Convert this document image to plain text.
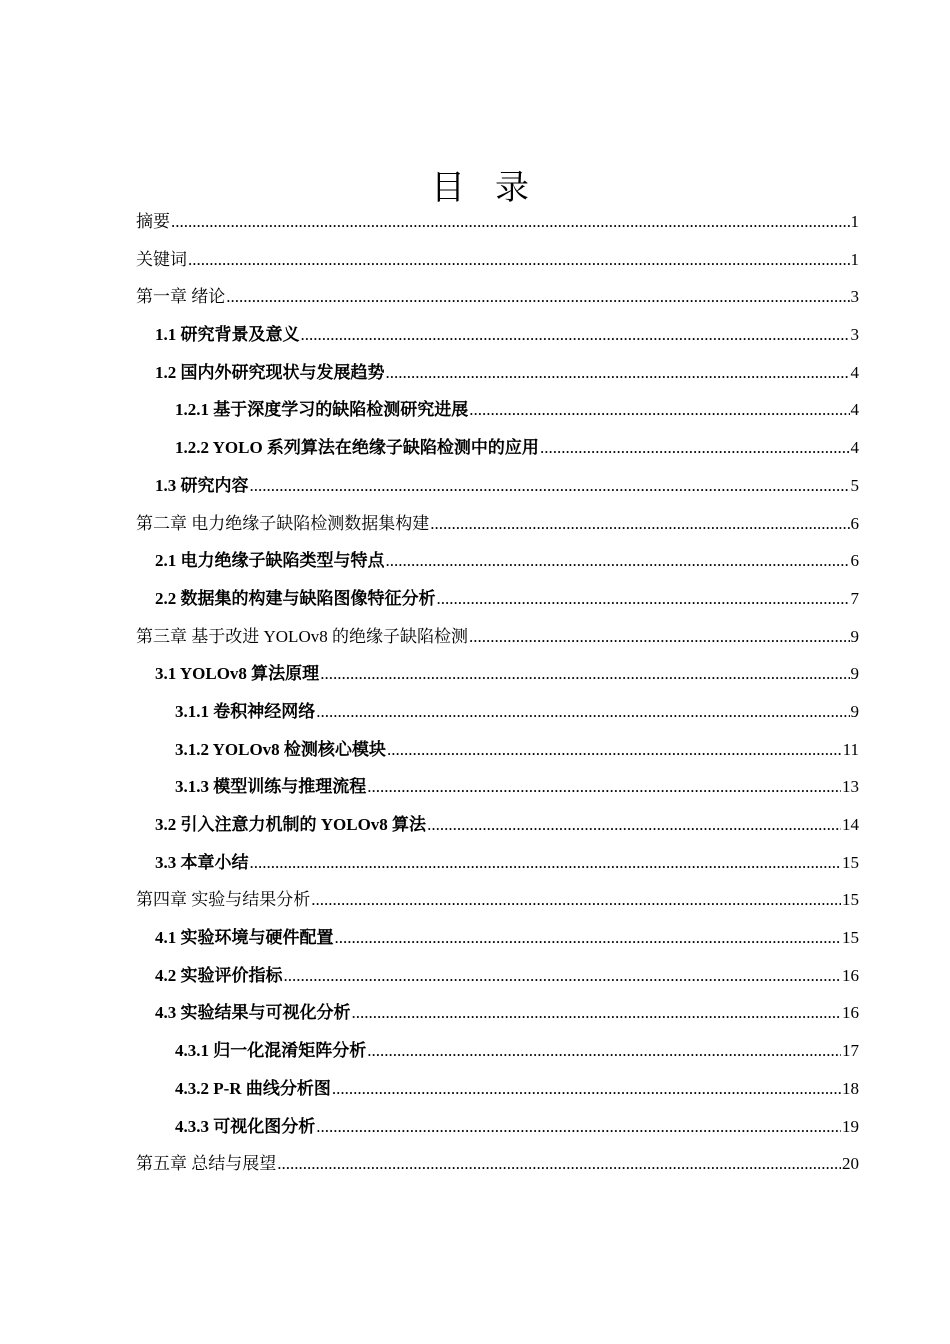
目录
摘要 .....	1
关键词 .....	1
第一章 绪论 .....	3
1.1 研究背景及意义 .....	3
1.2 国内外研究现状与发展趋势 .....	4
1.2.1 基于深度学习的缺陷检测研究进展 .....	4
1.2.2 YOLO 系列算法在绝缘子缺陷检测中的应用 .....	4
1.3 研究内容 .....	5
第二章 电力绝缘子缺陷检测数据集构建 .....	6
2.1 电力绝缘子缺陷类型与特点 .....	6
2.2 数据集的构建与缺陷图像特征分析 .....	7
第三章 基于改进 YOLOv8 的绝缘子缺陷检测 .....	9
3.1 YOLOv8 算法原理 .....	9
3.1.1 卷积神经网络 .....	9
3.1.2 YOLOv8 检测核心模块 .....	11
3.1.3 模型训练与推理流程 .....	13
3.2 引入注意力机制的 YOLOv8 算法 .....	14
3.3 本章小结 .....	15
第四章 实验与结果分析 .....	15
4.1 实验环境与硬件配置 .....	15
4.2 实验评价指标 .....	16
4.3 实验结果与可视化分析 .....	16
4.3.1 归一化混淆矩阵分析 .....	17
4.3.2 P-R 曲线分析图 .....	18
4.3.3 可视化图分析 .....	19
第五章 总结与展望 .....	20
